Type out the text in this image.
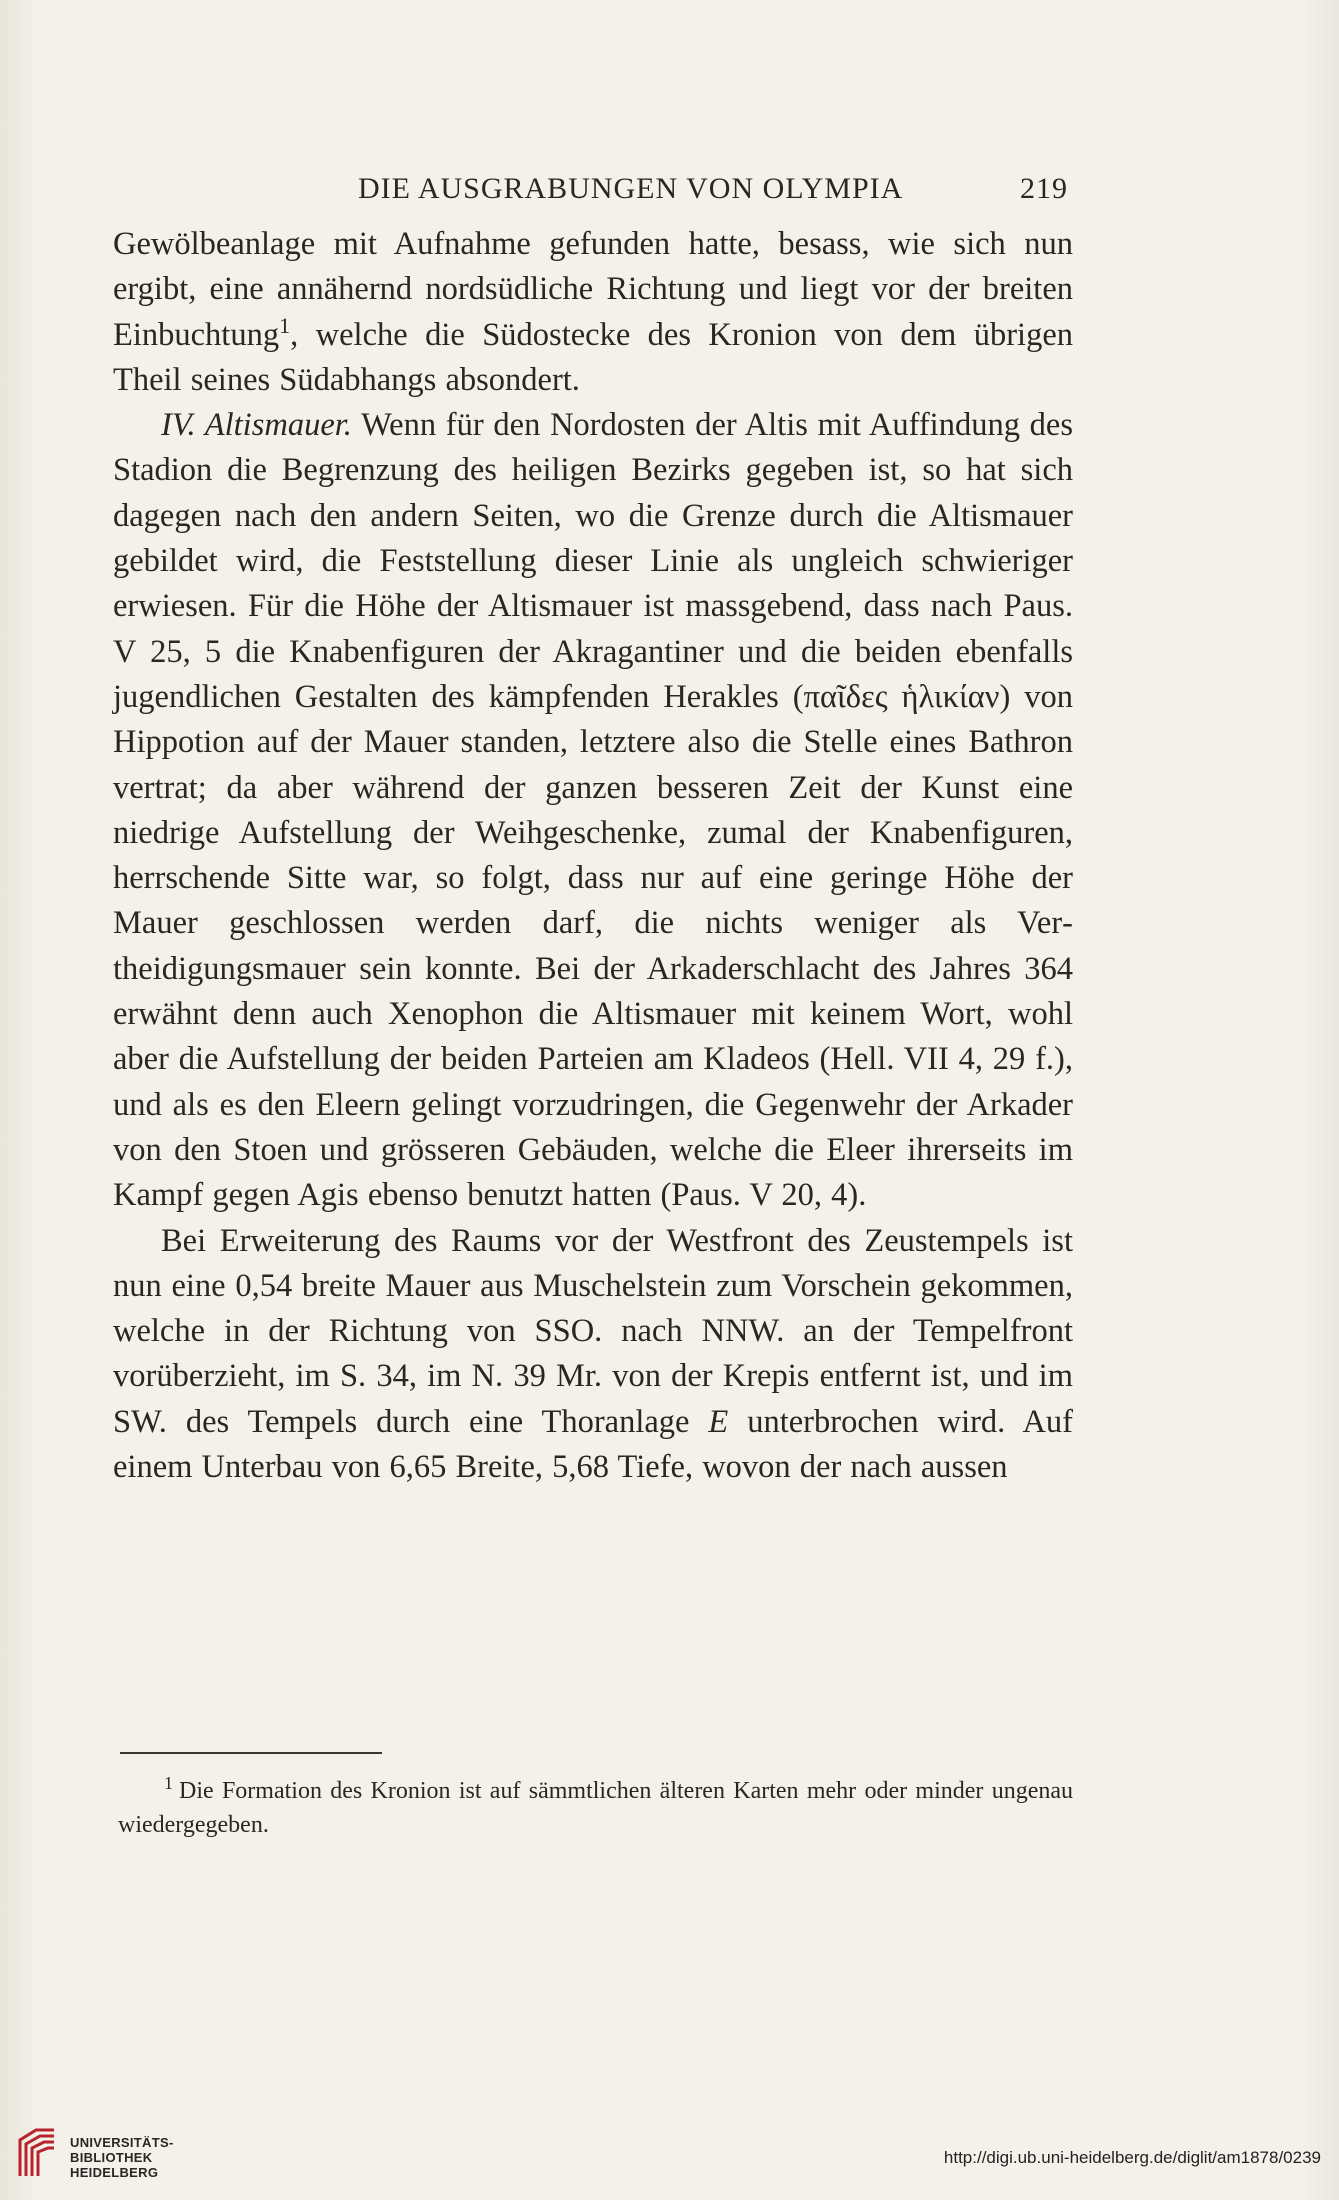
DIE AUSGRABUNGEN VON OLYMPIA	219

Gewölbeanlage mit Aufnahme gefunden hatte, besass, wie sich nun ergibt, eine annähernd nordsüdliche Richtung und liegt vor der breiten Einbuchtung$^1$, welche die Südostecke des Kronion von dem übrigen Theil seines Südabhangs absondert.

IV. Altismauer. Wenn für den Nordosten der Altis mit Auffindung des Stadion die Begrenzung des heiligen Bezirks gegeben ist, so hat sich dagegen nach den andern Seiten, wo die Grenze durch die Altismauer gebildet wird, die Feststellung dieser Linie als ungleich schwieriger erwiesen. Für die Höhe der Altismauer ist massgebend, dass nach Paus. V 25, 5 die Knabenfiguren der Akragantiner und die beiden ebenfalls jugendlichen Gestalten des kämpfenden Herakles (παῖδες ἡλικίαν) von Hippotion auf der Mauer standen, letztere also die Stelle eines Bathron vertrat; da aber während der ganzen besseren Zeit der Kunst eine niedrige Aufstellung der Weihgeschenke, zumal der Knabenfiguren, herrschende Sitte war, so folgt, dass nur auf eine geringe Höhe der Mauer geschlossen werden darf, die nichts weniger als Vertheidigungsmauer sein konnte. Bei der Arkaderschlacht des Jahres 364 erwähnt denn auch Xenophon die Altismauer mit keinem Wort, wohl aber die Aufstellung der beiden Parteien am Kladeos (Hell. VII 4, 29 f.), und als es den Eleern gelingt vorzudringen, die Gegenwehr der Arkader von den Stoen und grösseren Gebäuden, welche die Eleer ihrerseits im Kampf gegen Agis ebenso benutzt hatten (Paus. V 20, 4).

Bei Erweiterung des Raums vor der Westfront des Zeustempels ist nun eine 0,54 breite Mauer aus Muschelstein zum Vorschein gekommen, welche in der Richtung von SSO. nach NNW. an der Tempelfront vorüberzieht, im S. 34, im N. 39 Mr. von der Krepis entfernt ist, und im SW. des Tempels durch eine Thoranlage E unterbrochen wird. Auf einem Unterbau von 6,65 Breite, 5,68 Tiefe, wovon der nach aussen

$^1$ Die Formation des Kronion ist auf sämmtlichen älteren Karten mehr oder minder ungenau wiedergegeben.
UNIVERSITÄTS-
BIBLIOTHEK
HEIDELBERG
http://digi.ub.uni-heidelberg.de/diglit/am1878/0239
